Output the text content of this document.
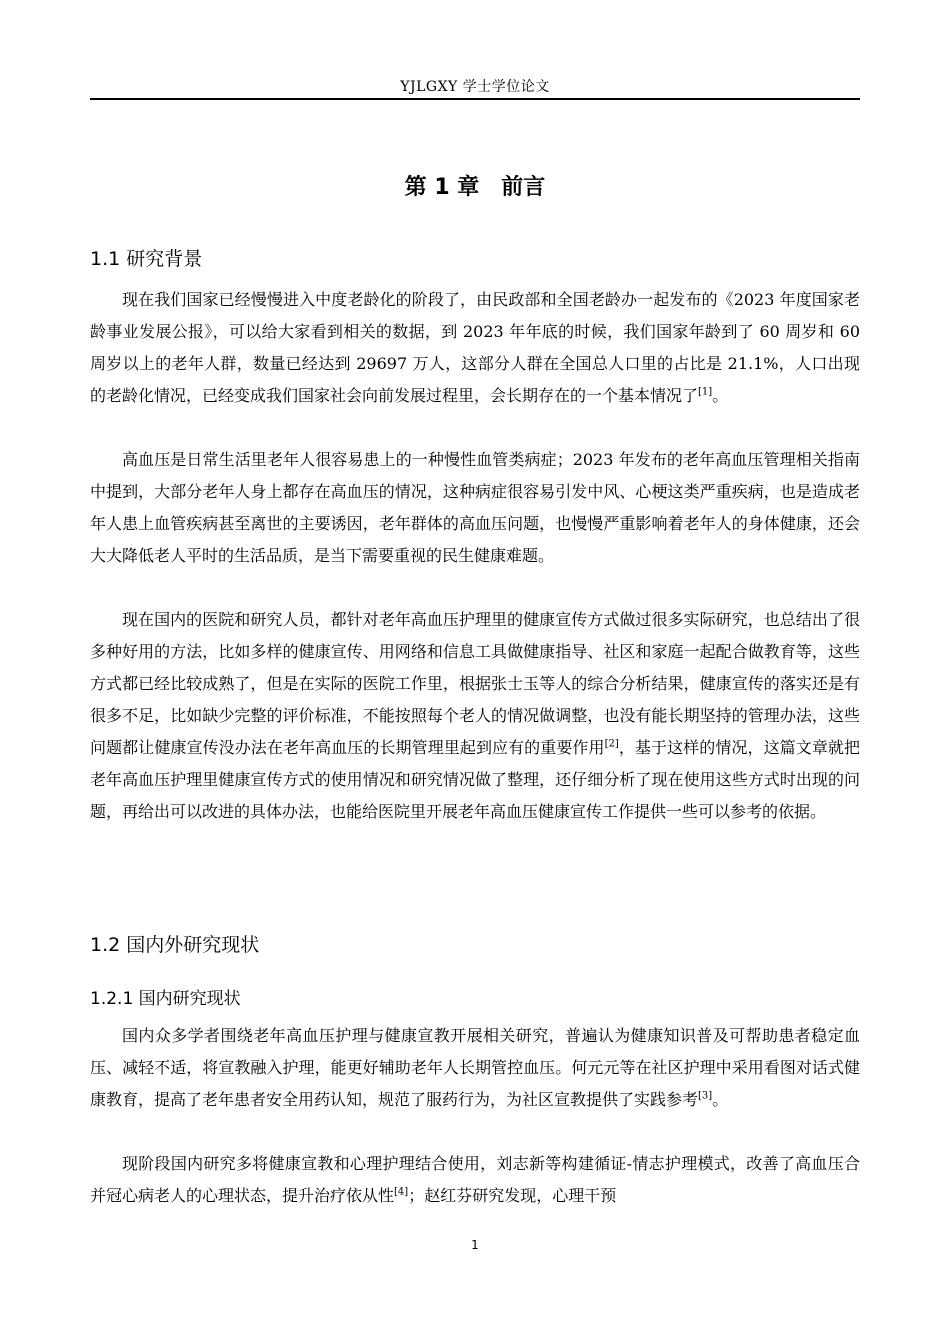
YJLGXY 学士学位论文
第 1 章　前言
1.1 研究背景

现在我们国家已经慢慢进入中度老龄化的阶段了，由民政部和全国老龄办一起发布的《2023 年度国家老龄事业发展公报》，可以给大家看到相关的数据，到 2023 年年底的时候，我们国家年龄到了 60 周岁和 60 周岁以上的老年人群，数量已经达到 29697 万人，这部分人群在全国总人口里的占比是 21.1%，人口出现的老龄化情况，已经变成我们国家社会向前发展过程里，会长期存在的一个基本情况了[1]。

高血压是日常生活里老年人很容易患上的一种慢性血管类病症；2023 年发布的老年高血压管理相关指南中提到，大部分老年人身上都存在高血压的情况，这种病症很容易引发中风、心梗这类严重疾病，也是造成老年人患上血管疾病甚至离世的主要诱因，老年群体的高血压问题，也慢慢严重影响着老年人的身体健康，还会大大降低老人平时的生活品质，是当下需要重视的民生健康难题。

现在国内的医院和研究人员，都针对老年高血压护理里的健康宣传方式做过很多实际研究，也总结出了很多种好用的方法，比如多样的健康宣传、用网络和信息工具做健康指导、社区和家庭一起配合做教育等，这些方式都已经比较成熟了，但是在实际的医院工作里，根据张士玉等人的综合分析结果，健康宣传的落实还是有很多不足，比如缺少完整的评价标准，不能按照每个老人的情况做调整，也没有能长期坚持的管理办法，这些问题都让健康宣传没办法在老年高血压的长期管理里起到应有的重要作用[2]，基于这样的情况，这篇文章就把老年高血压护理里健康宣传方式的使用情况和研究情况做了整理，还仔细分析了现在使用这些方式时出现的问题，再给出可以改进的具体办法，也能给医院里开展老年高血压健康宣传工作提供一些可以参考的依据。

1.2 国内外研究现状
1.2.1 国内研究现状

国内众多学者围绕老年高血压护理与健康宣教开展相关研究，普遍认为健康知识普及可帮助患者稳定血压、减轻不适，将宣教融入护理，能更好辅助老年人长期管控血压。何元元等在社区护理中采用看图对话式健康教育，提高了老年患者安全用药认知，规范了服药行为，为社区宣教提供了实践参考[3]。

现阶段国内研究多将健康宣教和心理护理结合使用，刘志新等构建循证-情志护理模式，改善了高血压合并冠心病老人的心理状态，提升治疗依从性[4]；赵红芬研究发现，心理干预

1
